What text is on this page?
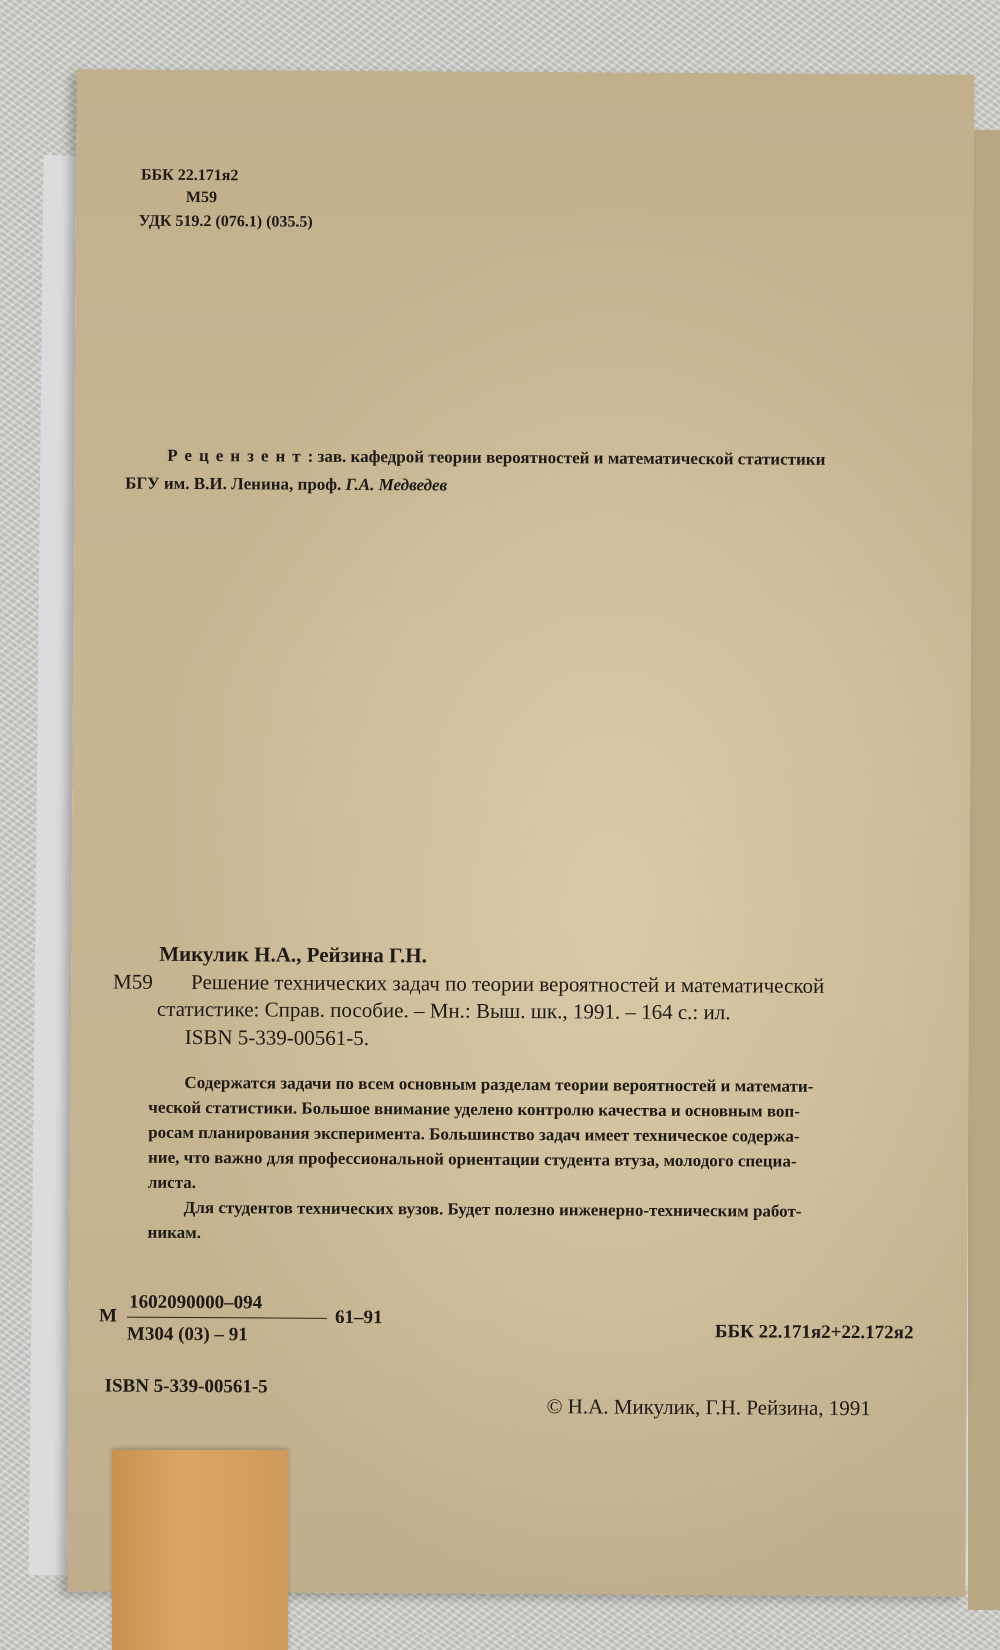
ББК 22.171я2
М59
УДК 519.2 (076.1) (035.5)
Рецензент: зав. кафедрой теории вероятностей и математической статистики
БГУ им. В.И. Ленина, проф. Г.А. Медведев
Микулик Н.А., Рейзина Г.Н.
М59 Решение технических задач по теории вероятностей и математической
статистике: Справ. пособие. – Мн.: Выш. шк., 1991. – 164 с.: ил.
ISBN 5-339-00561-5.
Содержатся задачи по всем основным разделам теории вероятностей и математи-
ческой статистики. Большое внимание уделено контролю качества и основным воп-
росам планирования эксперимента. Большинство задач имеет техническое содержа-
ние, что важно для профессиональной ориентации студента втуза, молодого специа-
листа.
Для студентов технических вузов. Будет полезно инженерно-техническим работ-
никам.
М
1602090000–094
М304 (03) – 91
61–91
ББК 22.171я2+22.172я2
ISBN 5-339-00561-5
© Н.А. Микулик, Г.Н. Рейзина, 1991
